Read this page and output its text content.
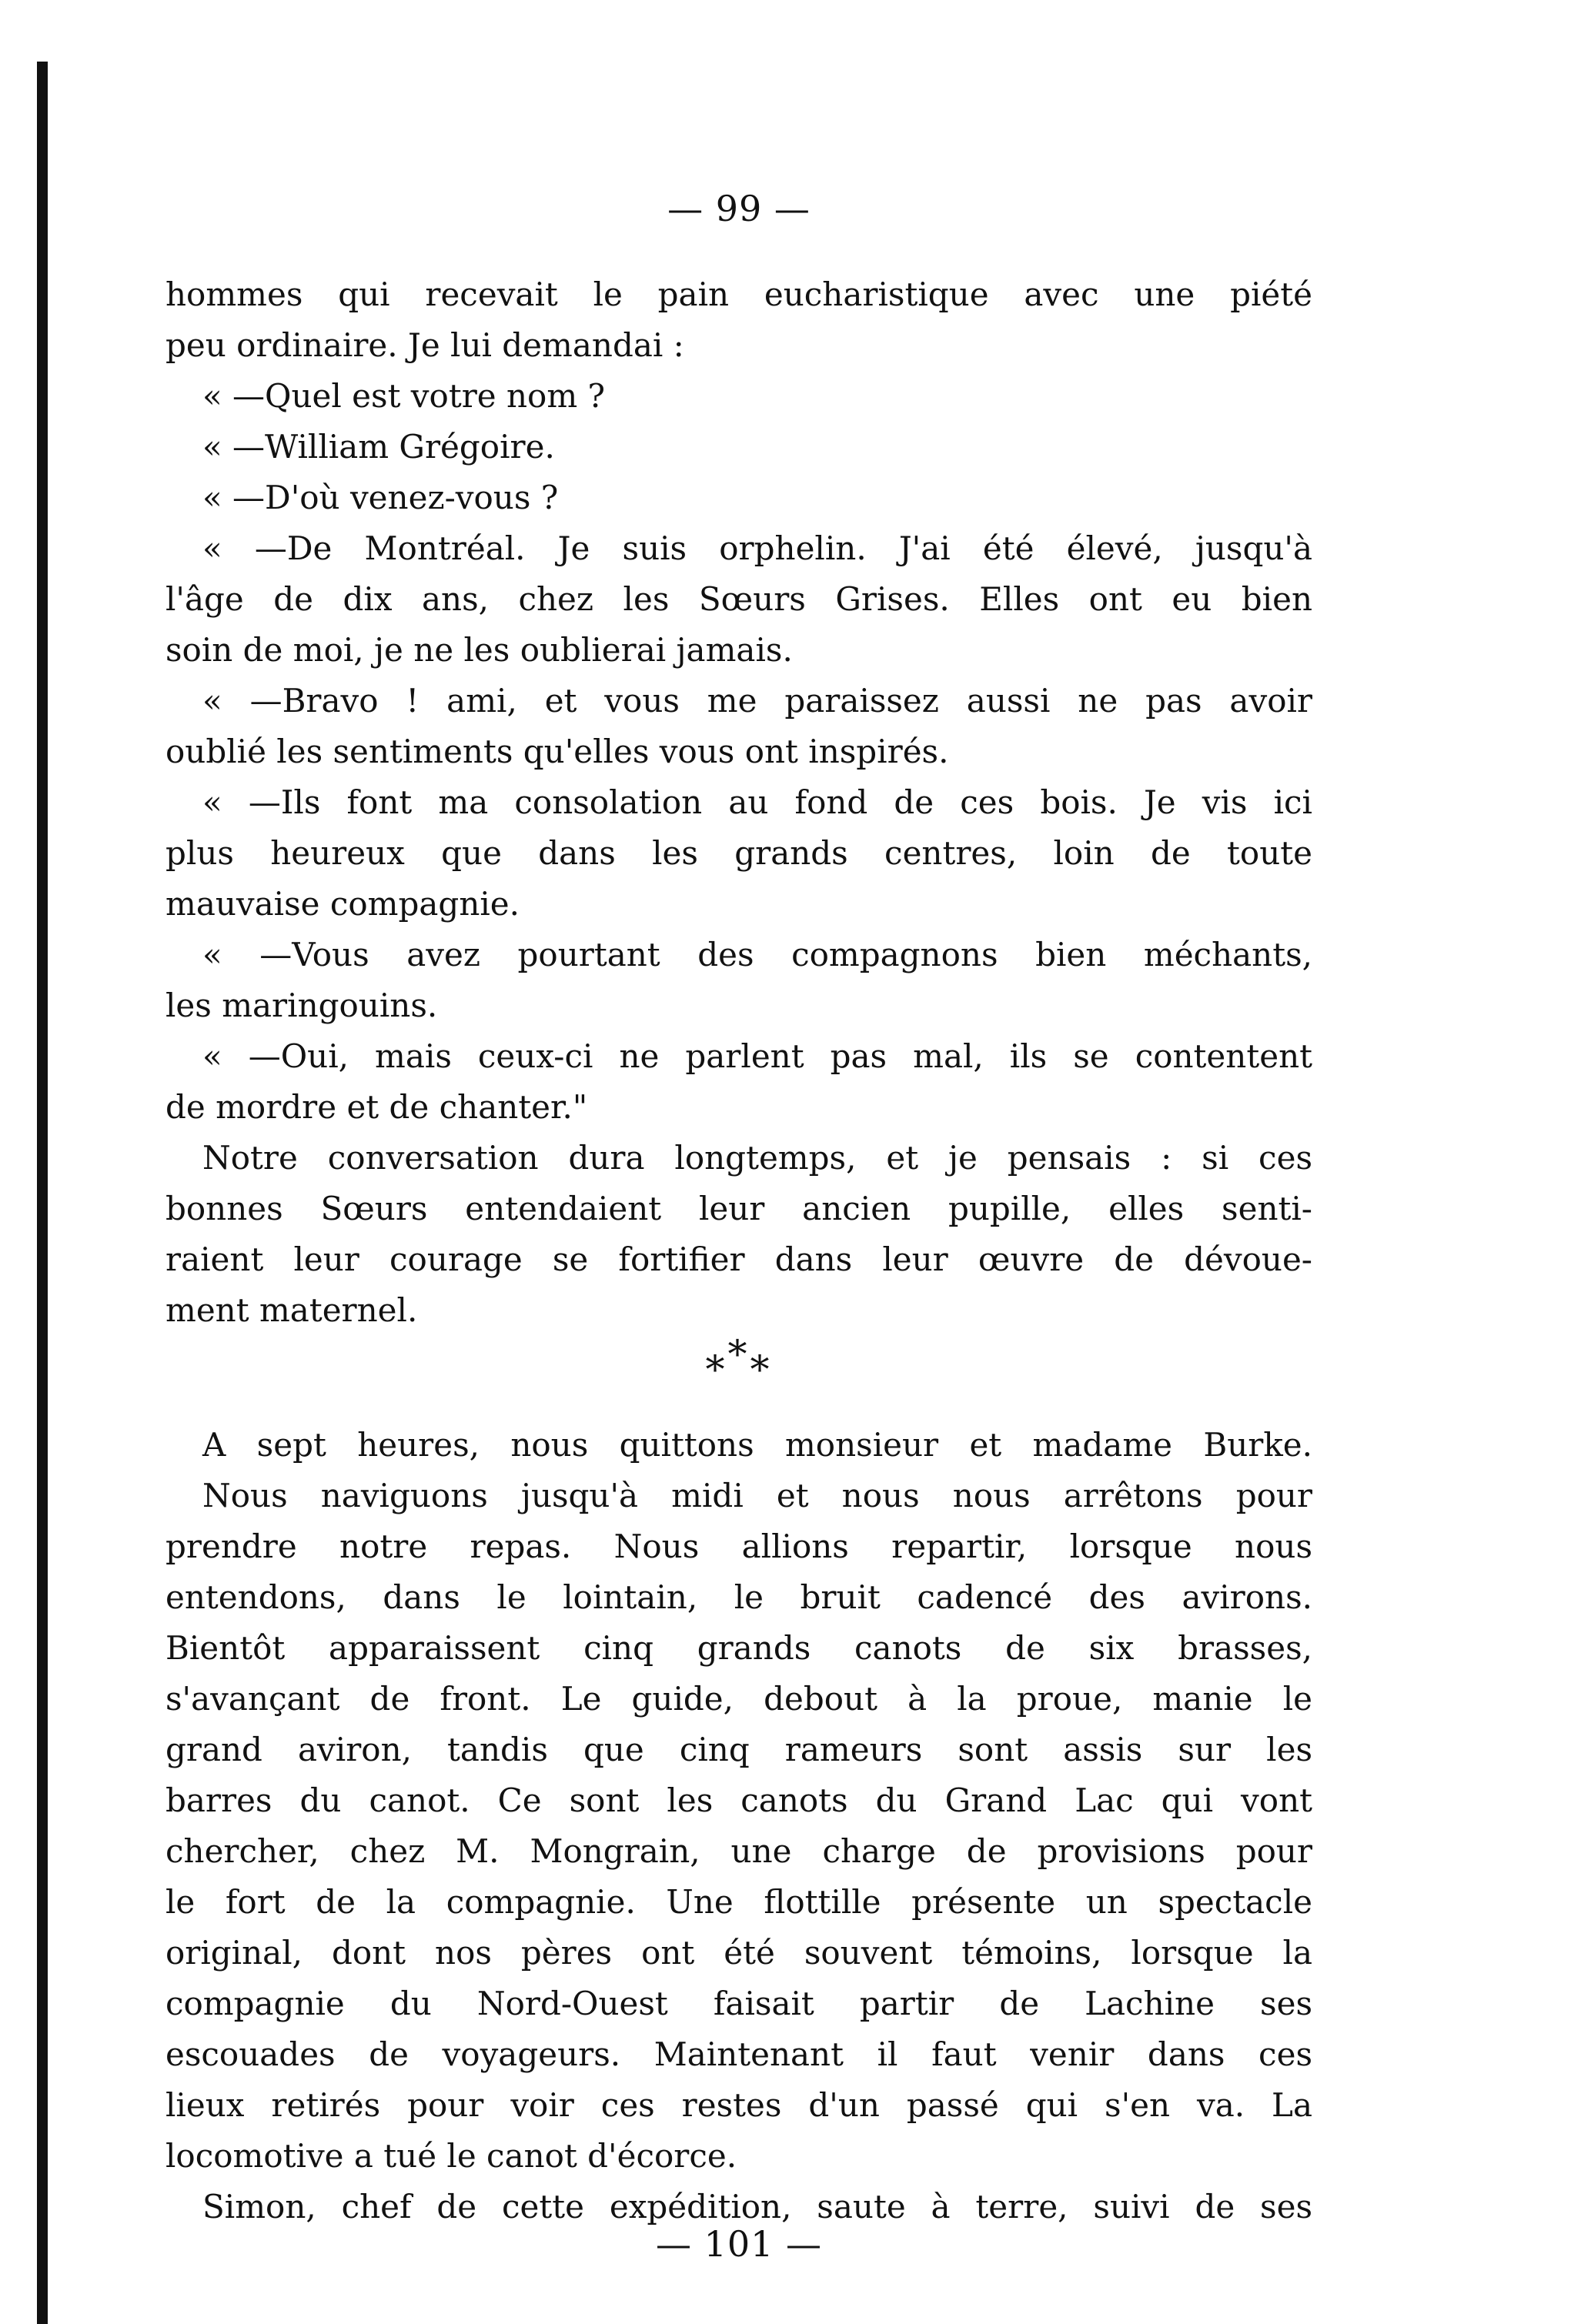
— 99 —
hommes qui recevait le pain eucharistique avec une piété
peu ordinaire. Je lui demandai :
« —Quel est votre nom ?
« —William Grégoire.
« —D'où venez-vous ?
« —De Montréal. Je suis orphelin. J'ai été élevé, jusqu'à
l'âge de dix ans, chez les Sœurs Grises. Elles ont eu bien
soin de moi, je ne les oublierai jamais.
« —Bravo ! ami, et vous me paraissez aussi ne pas avoir
oublié les sentiments qu'elles vous ont inspirés.
« —Ils font ma consolation au fond de ces bois. Je vis ici
plus heureux que dans les grands centres, loin de toute
mauvaise compagnie.
« —Vous avez pourtant des compagnons bien méchants,
les maringouins.
« —Oui, mais ceux-ci ne parlent pas mal, ils se contentent
de mordre et de chanter."
Notre conversation dura longtemps, et je pensais : si ces
bonnes Sœurs entendaient leur ancien pupille, elles senti-
raient leur courage se fortifier dans leur œuvre de dévoue-
ment maternel.
***
A sept heures, nous quittons monsieur et madame Burke.
Nous naviguons jusqu'à midi et nous nous arrêtons pour
prendre notre repas. Nous allions repartir, lorsque nous
entendons, dans le lointain, le bruit cadencé des avirons.
Bientôt apparaissent cinq grands canots de six brasses,
s'avançant de front. Le guide, debout à la proue, manie le
grand aviron, tandis que cinq rameurs sont assis sur les
barres du canot. Ce sont les canots du Grand Lac qui vont
chercher, chez M. Mongrain, une charge de provisions pour
le fort de la compagnie. Une flottille présente un spectacle
original, dont nos pères ont été souvent témoins, lorsque la
compagnie du Nord-Ouest faisait partir de Lachine ses
escouades de voyageurs. Maintenant il faut venir dans ces
lieux retirés pour voir ces restes d'un passé qui s'en va. La
locomotive a tué le canot d'écorce.
Simon, chef de cette expédition, saute à terre, suivi de ses
— 101 —
